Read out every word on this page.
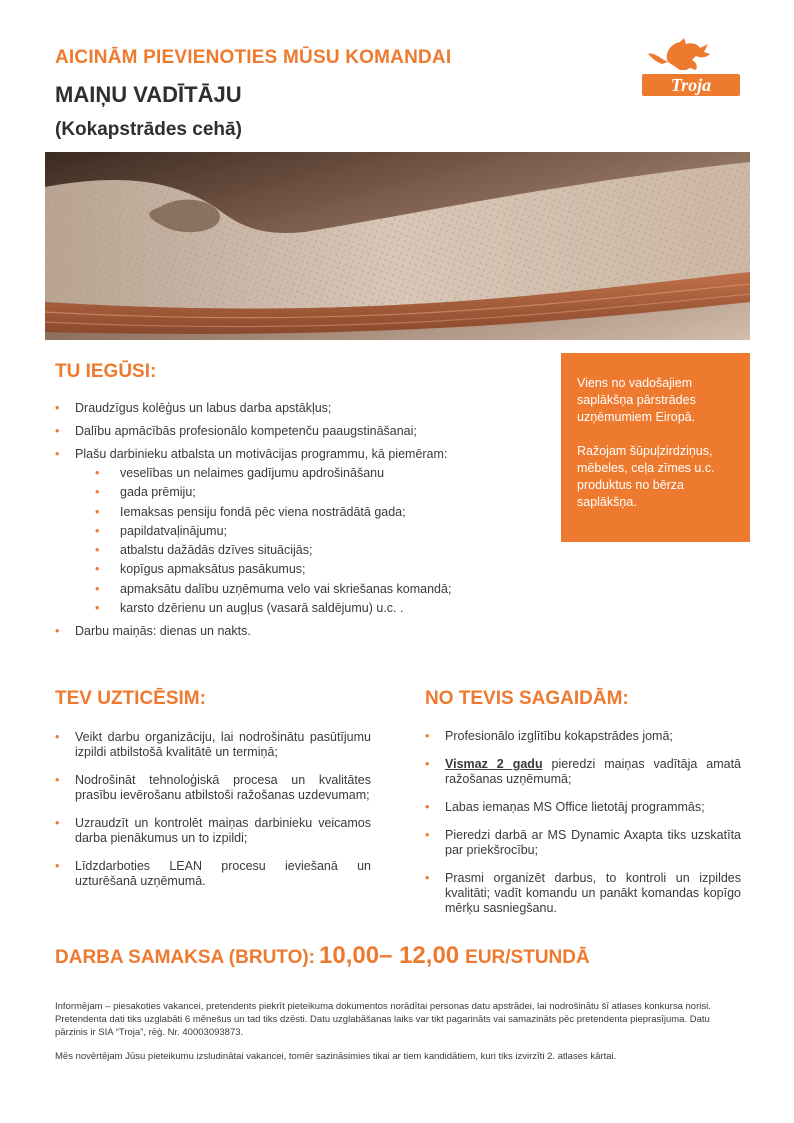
AICINĀM PIEVIENOTIES MŪSU KOMANDAI
MAIŅU VADĪTĀJU
(Kokapstrādes cehā)
Troja
TU IEGŪSI:
• Draudzīgus kolēģus un labus darba apstākļus;
• Dalību apmācībās profesionālo kompetenču paaugstināšanai;
• Plašu darbinieku atbalsta un motivācijas programmu, kā piemēram:
• veselības un nelaimes gadījumu apdrošināšanu
• gada prēmiju;
• Iemaksas pensiju fondā pēc viena nostrādātā gada;
• papildatvaļinājumu;
• atbalstu dažādās dzīves situācijās;
• kopīgus apmaksātus pasākumus;
• apmaksātu dalību uzņēmuma velo vai skriešanas komandā;
• karsto dzērienu un augļus (vasarā saldējumu) u.c. .
• Darbu maiņās: dienas un nakts.

Viens no vadošajiem saplākšņa pārstrādes uzņēmumiem Eiropā.

Ražojam šūpuļzirdziņus, mēbeles, ceļa zīmes u.c. produktus no bērza saplākšņa.

TEV UZTICĒSIM:
• Veikt darbu organizāciju, lai nodrošinātu pasūtījumu izpildi atbilstošā kvalitātē un termiņā;
• Nodrošināt tehnoloģiskā procesa un kvalitātes prasību ievērošanu atbilstoši ražošanas uzdevumam;
• Uzraudzīt un kontrolēt maiņas darbinieku veicamos darba pienākumus un to izpildi;
• Līdzdarboties LEAN procesu ieviešanā un uzturēšanā uzņēmumā.
NO TEVIS SAGAIDĀM:
• Profesionālo izglītību kokapstrādes jomā;
• Vismaz 2 gadu pieredzi maiņas vadītāja amatā ražošanas uzņēmumā;
• Labas iemaņas MS Office lietotāj programmās;
• Pieredzi darbā ar MS Dynamic Axapta tiks uzskatīta par priekšrocību;
• Prasmi organizēt darbus, to kontroli un izpildes kvalitāti; vadīt komandu un panākt komandas kopīgo mērķu sasniegšanu.
DARBA SAMAKSA (BRUTO): 10,00– 12,00 EUR/STUNDĀ
Informējam – piesakoties vakancei, pretendents piekrīt pieteikuma dokumentos norādītai personas datu apstrādei, lai nodrošinātu šī atlases konkursa norisi. Pretendenta dati tiks uzglabāti 6 mēnešus un tad tiks dzēsti. Datu uzglabāšanas laiks var tikt pagarināts vai samazināts pēc pretendenta pieprasījuma. Datu pārzinis ir SIA “Troja”, rēģ. Nr. 40003093873.
Mēs novērtējam Jūsu pieteikumu izsludinātai vakancei, tomēr sazināsimies tikai ar tiem kandidātiem, kuri tiks izvirzīti 2. atlases kārtai.
